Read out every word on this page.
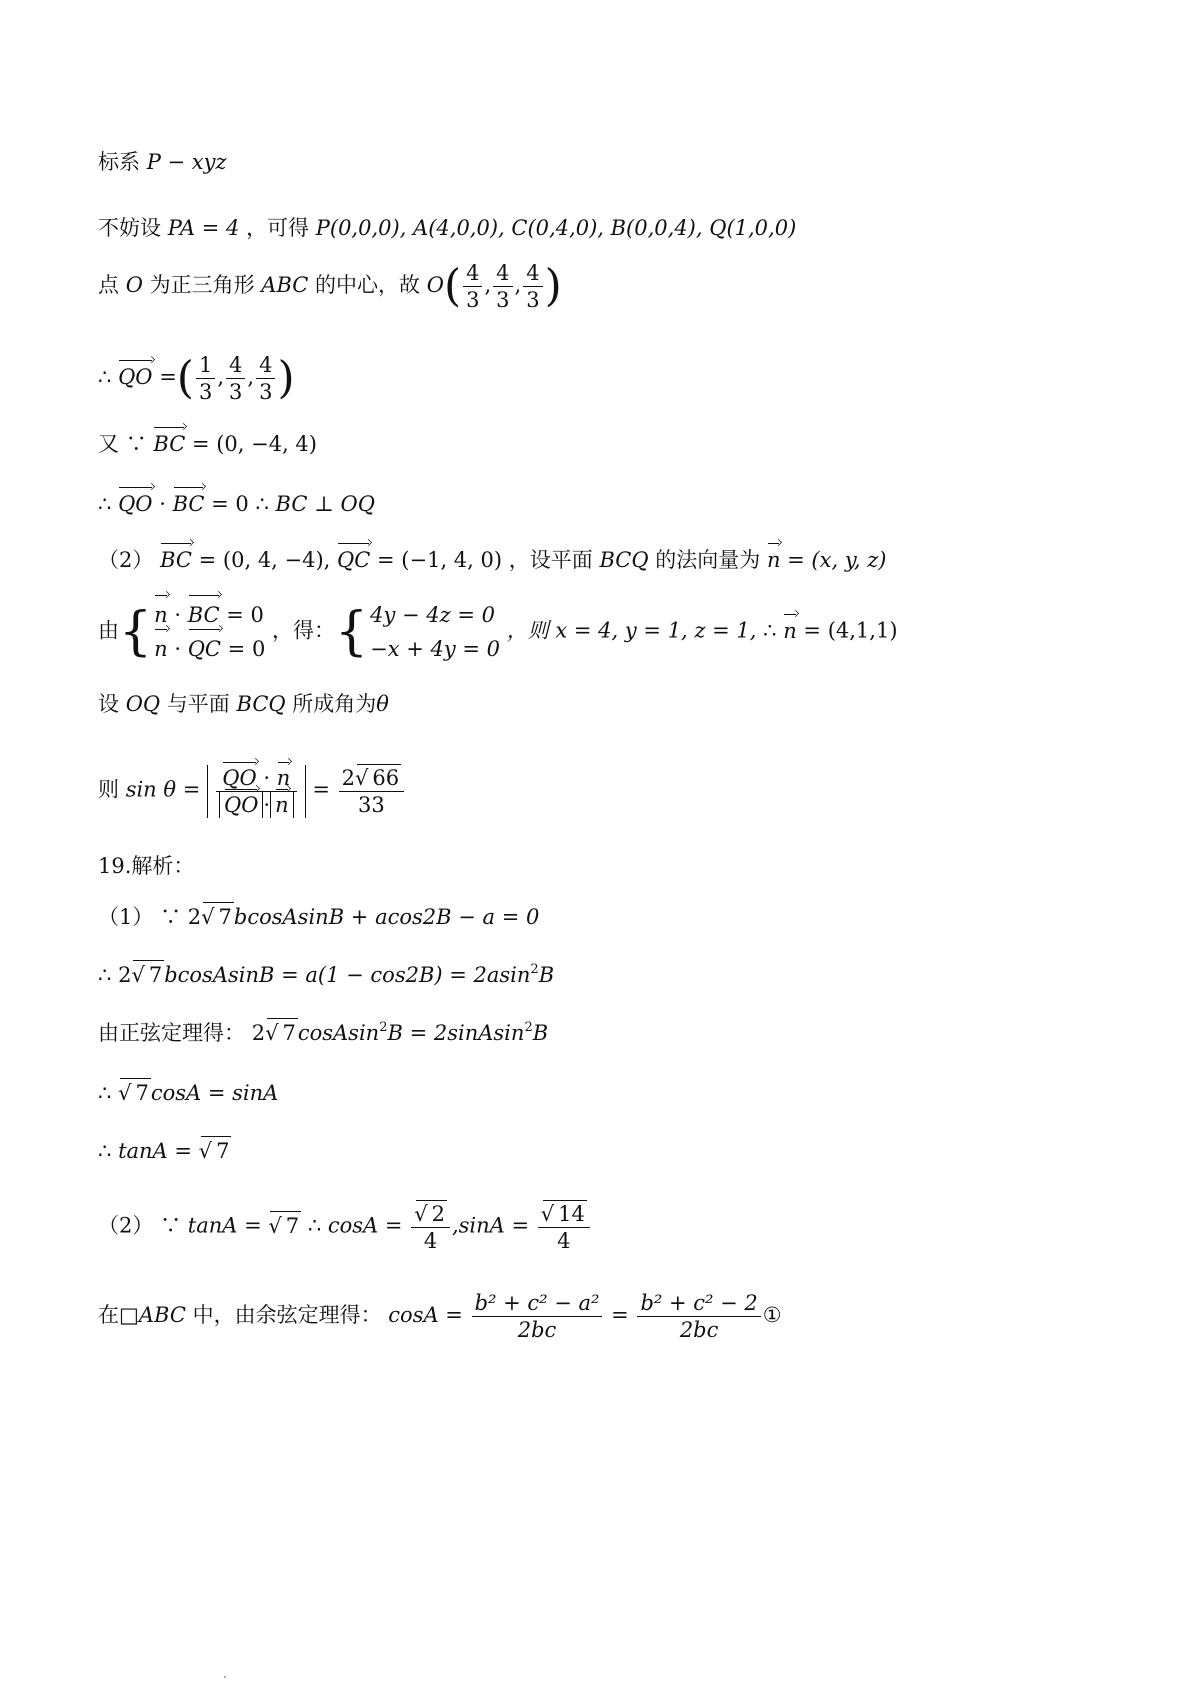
标系 P − xyz
不妨设 PA = 4 ，可得 P(0,0,0), A(4,0,0), C(0,4,0), B(0,0,4), Q(1,0,0)
点 O 为正三角形 ABC 的中心，故 $O( \frac{4}{3}$ , $\frac{4}{3}$ , $\frac{4}{3}$ )
∴ QO =( $\frac{1}{3}$ , $\frac{4}{3}$ , $\frac{4}{3}$ )
又 ∵ BC = (0, −4, 4)
∴ QO · BC = 0 ∴ BC ⊥ OQ
（2） BC = (0, 4, −4), QC = (−1, 4, 0) ，设平面 BCQ 的法向量为 n = (x, y, z)
由{ n · BC = 0
n · QC = 0
，得：{ 4y − 4z = 0
−x + 4y = 0
，则 x = 4, y = 1, z = 1, ∴ n = (4,1,1)
设 OQ 与平面 BCQ 所成角为θ
则 $\sin \theta = \frac{QO \cdot n}{QO \cdot n} = \frac{2 √ 66}{33}$
19.解析：
（1） ∵ 2 √ 7bcosAsinB + acos2B − a = 0
∴ 2 √ 7bcosAsinB = a(1 − cos2B) = 2asin$^2$B
由正弦定理得： 2 √ 7cosAsin$^2$B = 2sinAsin$^2$B
∴ √ 7cosA = sinA
∴ tanA = √ 7
（2） ∵ tanA = √ 7 ∴ cosA = √ $\frac{2}{4} ,\sin A$ = √ $\frac{14}{4}$
在□ABC 中，由余弦定理得： $\cos A = \frac{\text{b² + c² − a²}}{2bc} = \frac{\text{b² + c² − 2}}{2bc}$ ①
